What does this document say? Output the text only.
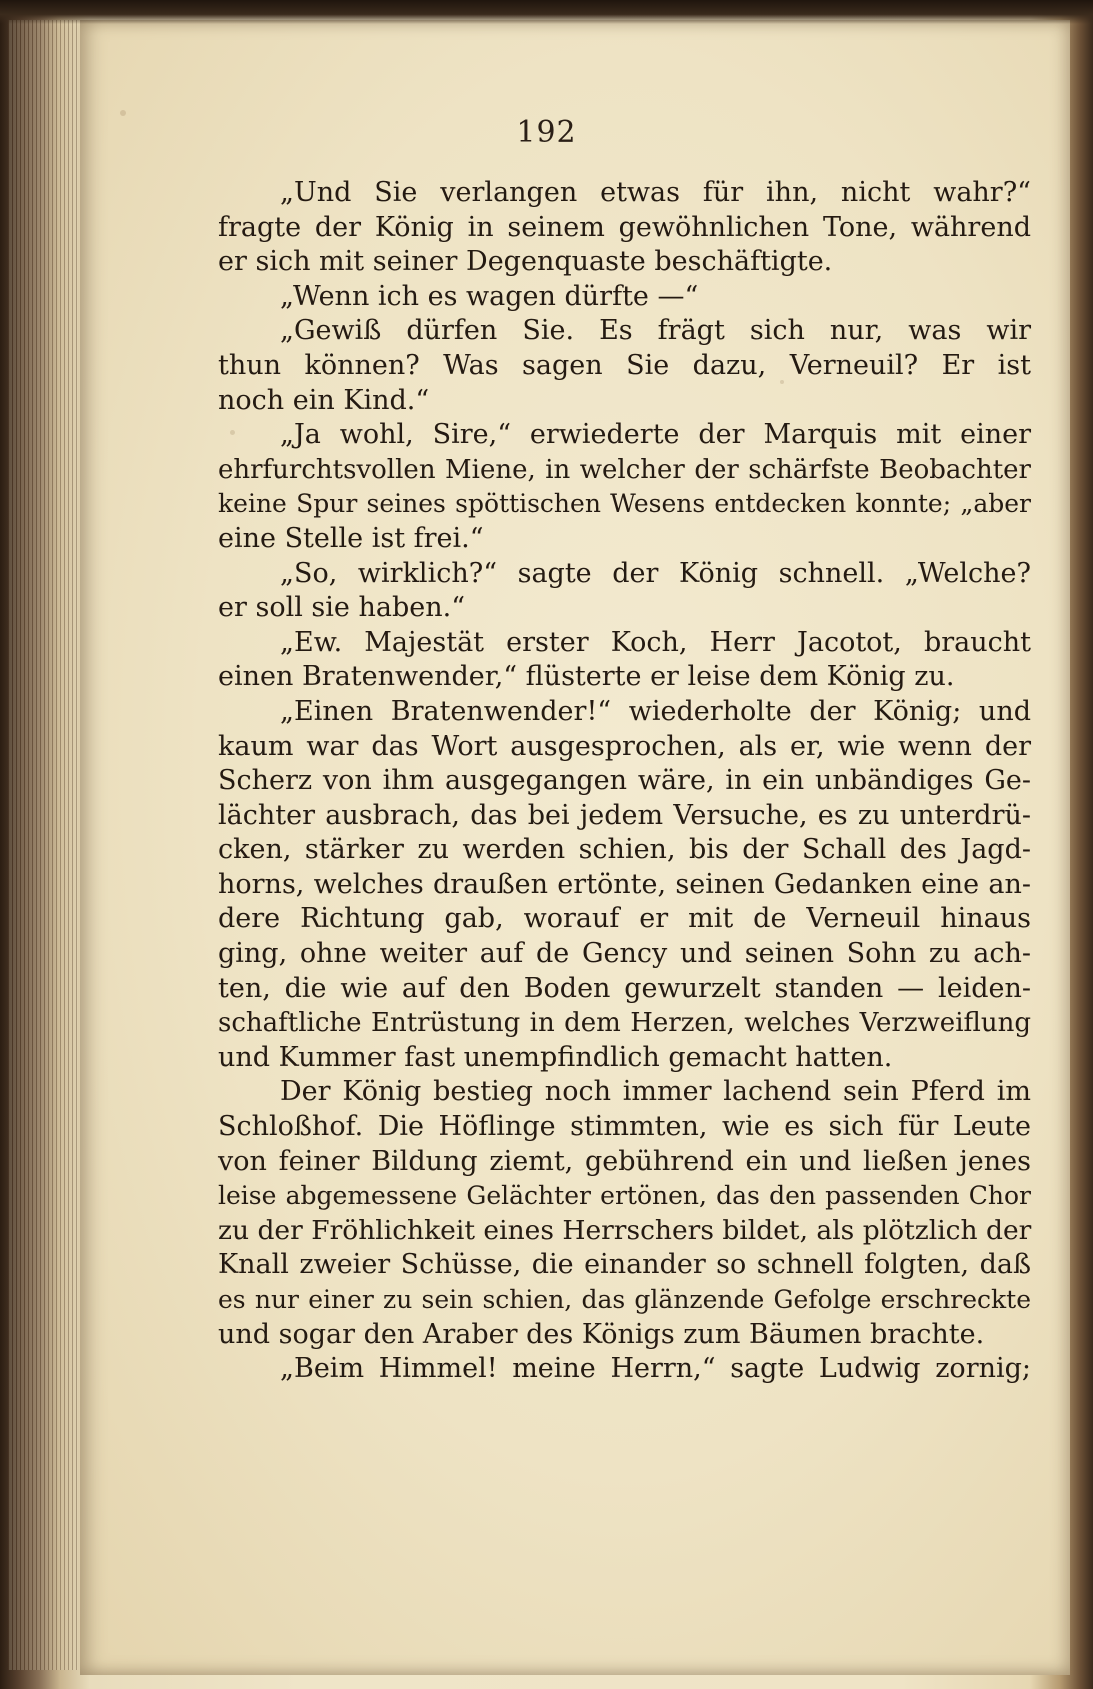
192
„Und Sie verlangen etwas für ihn, nicht wahr?“
fragte der König in seinem gewöhnlichen Tone, während
er sich mit seiner Degenquaste beschäftigte.
„Wenn ich es wagen dürfte —“
„Gewiß dürfen Sie. Es frägt sich nur, was wir
thun können? Was sagen Sie dazu, Verneuil? Er ist
noch ein Kind.“
„Ja wohl, Sire,“ erwiederte der Marquis mit einer
ehrfurchtsvollen Miene, in welcher der schärfste Beobachter
keine Spur seines spöttischen Wesens entdecken konnte; „aber
eine Stelle ist frei.“
„So, wirklich?“ sagte der König schnell. „Welche?
er soll sie haben.“
„Ew. Majestät erster Koch, Herr Jacotot, braucht
einen Bratenwender,“ flüsterte er leise dem König zu.
„Einen Bratenwender!“ wiederholte der König; und
kaum war das Wort ausgesprochen, als er, wie wenn der
Scherz von ihm ausgegangen wäre, in ein unbändiges Ge-
lächter ausbrach, das bei jedem Versuche, es zu unterdrü-
cken, stärker zu werden schien, bis der Schall des Jagd-
horns, welches draußen ertönte, seinen Gedanken eine an-
dere Richtung gab, worauf er mit de Verneuil hinaus
ging, ohne weiter auf de Gency und seinen Sohn zu ach-
ten, die wie auf den Boden gewurzelt standen — leiden-
schaftliche Entrüstung in dem Herzen, welches Verzweiflung
und Kummer fast unempfindlich gemacht hatten.
Der König bestieg noch immer lachend sein Pferd im
Schloßhof. Die Höflinge stimmten, wie es sich für Leute
von feiner Bildung ziemt, gebührend ein und ließen jenes
leise abgemessene Gelächter ertönen, das den passenden Chor
zu der Fröhlichkeit eines Herrschers bildet, als plötzlich der
Knall zweier Schüsse, die einander so schnell folgten, daß
es nur einer zu sein schien, das glänzende Gefolge erschreckte
und sogar den Araber des Königs zum Bäumen brachte.
„Beim Himmel! meine Herrn,“ sagte Ludwig zornig;
